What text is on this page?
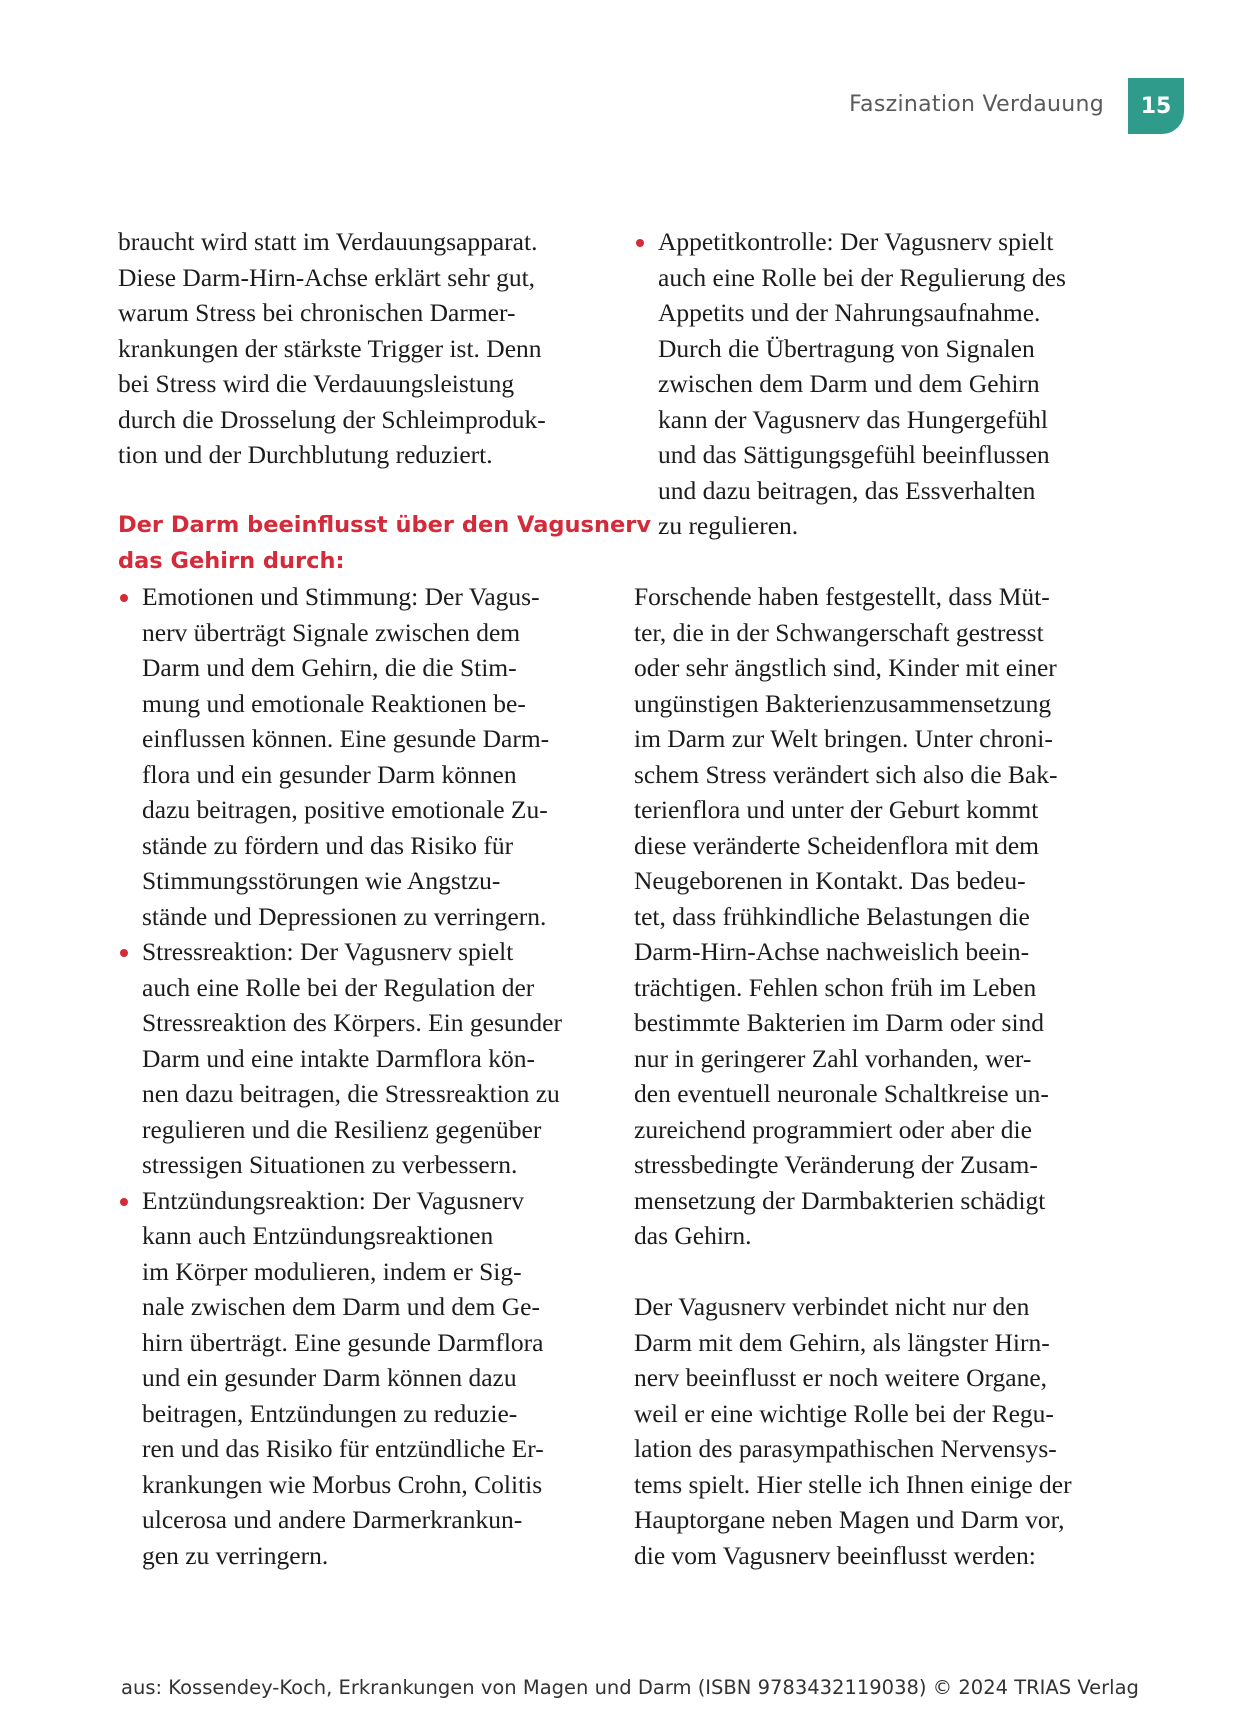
Faszination Verdauung 15
braucht wird statt im Verdauungsapparat.
Diese Darm-Hirn-Achse erklärt sehr gut,
warum Stress bei chronischen Darmer-
krankungen der stärkste Trigger ist. Denn
bei Stress wird die Verdauungsleistung
durch die Drosselung der Schleimproduk-
tion und der Durchblutung reduziert.
Der Darm beeinflusst über den Vagusnerv
das Gehirn durch:
Emotionen und Stimmung: Der Vagus-
nerv überträgt Signale zwischen dem
Darm und dem Gehirn, die die Stim-
mung und emotionale Reaktionen be-
einflussen können. Eine gesunde Darm-
flora und ein gesunder Darm können
dazu beitragen, positive emotionale Zu-
stände zu fördern und das Risiko für
Stimmungsstörungen wie Angstzu-
stände und Depressionen zu verringern.
Stressreaktion: Der Vagusnerv spielt
auch eine Rolle bei der Regulation der
Stressreaktion des Körpers. Ein gesunder
Darm und eine intakte Darmflora kön-
nen dazu beitragen, die Stressreaktion zu
regulieren und die Resilienz gegenüber
stressigen Situationen zu verbessern.
Entzündungsreaktion: Der Vagusnerv
kann auch Entzündungsreaktionen
im Körper modulieren, indem er Sig-
nale zwischen dem Darm und dem Ge-
hirn überträgt. Eine gesunde Darmflora
und ein gesunder Darm können dazu
beitragen, Entzündungen zu reduzie-
ren und das Risiko für entzündliche Er-
krankungen wie Morbus Crohn, Colitis
ulcerosa und andere Darmerkrankun-
gen zu verringern.
Appetitkontrolle: Der Vagusnerv spielt
auch eine Rolle bei der Regulierung des
Appetits und der Nahrungsaufnahme.
Durch die Übertragung von Signalen
zwischen dem Darm und dem Gehirn
kann der Vagusnerv das Hungergefühl
und das Sättigungsgefühl beeinflussen
und dazu beitragen, das Essverhalten
zu regulieren.
Forschende haben festgestellt, dass Müt-
ter, die in der Schwangerschaft gestresst
oder sehr ängstlich sind, Kinder mit einer
ungünstigen Bakterienzusammensetzung
im Darm zur Welt bringen. Unter chroni-
schem Stress verändert sich also die Bak-
terienflora und unter der Geburt kommt
diese veränderte Scheidenflora mit dem
Neugeborenen in Kontakt. Das bedeu-
tet, dass frühkindliche Belastungen die
Darm-Hirn-Achse nachweislich beein-
trächtigen. Fehlen schon früh im Leben
bestimmte Bakterien im Darm oder sind
nur in geringerer Zahl vorhanden, wer-
den eventuell neuronale Schaltkreise un-
zureichend programmiert oder aber die
stressbedingte Veränderung der Zusam-
mensetzung der Darmbakterien schädigt
das Gehirn.
Der Vagusnerv verbindet nicht nur den
Darm mit dem Gehirn, als längster Hirn-
nerv beeinflusst er noch weitere Organe,
weil er eine wichtige Rolle bei der Regu-
lation des parasympathischen Nervensys-
tems spielt. Hier stelle ich Ihnen einige der
Hauptorgane neben Magen und Darm vor,
die vom Vagusnerv beeinflusst werden:
aus: Kossendey-Koch, Erkrankungen von Magen und Darm (ISBN 9783432119038) © 2024 TRIAS Verlag
